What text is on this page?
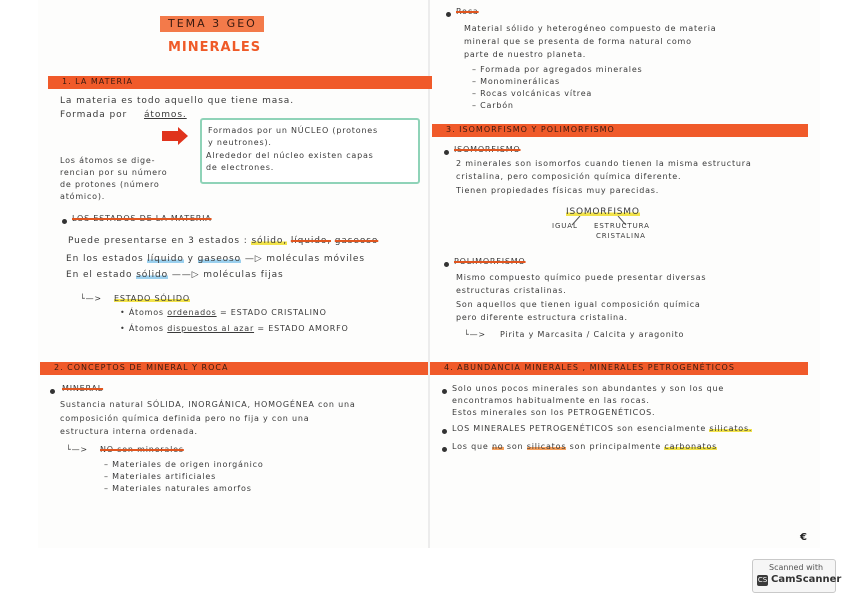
TEMA 3 GEO
MINERALES
1. LA MATERIA
La materia es todo aquello que tiene masa.
Formada por átomos.
Formados por un NÚCLEO (protones
y neutrones).
Alrededor del núcleo existen capas
de electrones.
Los átomos se dige-
rencian por su número
de protones (número
atómico).
LOS ESTADOS DE LA MATERIA
Puede presentarse en 3 estados : sólido, líquido, gaseoso
En los estados líquido y gaseoso —▷ moléculas móviles
En el estado sólido ——▷ moléculas fijas
└—> ESTADO SÓLIDO
• Átomos ordenados = ESTADO CRISTALINO
• Átomos dispuestos al azar = ESTADO AMORFO
2. CONCEPTOS DE MINERAL Y ROCA
MINERAL
Sustancia natural SÓLIDA, INORGÁNICA, HOMOGÉNEA con una
composición química definida pero no fija y con una
estructura interna ordenada.
└—> NO son minerales
– Materiales de origen inorgánico
– Materiales artificiales
– Materiales naturales amorfos
Roca
Material sólido y heterogéneo compuesto de materia
mineral que se presenta de forma natural como
parte de nuestro planeta.
– Formada por agregados minerales
– Monominerálicas
– Rocas volcánicas vítrea
– Carbón
3. ISOMORFISMO Y POLIMORFISMO
ISOMORFISMO
2 minerales son isomorfos cuando tienen la misma estructura
cristalina, pero composición química diferente.
Tienen propiedades físicas muy parecidas.
ISOMORFISMO
IGUAL ESTRUCTURA
CRISTALINA
POLIMORFISMO
Mismo compuesto químico puede presentar diversas
estructuras cristalinas.
Son aquellos que tienen igual composición química
pero diferente estructura cristalina.
└—> Pirita y Marcasita / Calcita y aragonito
4. ABUNDANCIA MINERALES , MINERALES PETROGENÉTICOS
Solo unos pocos minerales son abundantes y son los que
encontramos habitualmente en las rocas.
Estos minerales son los PETROGENÉTICOS.
LOS MINERALES PETROGENÉTICOS son esencialmente silicatos.
Los que no son silicatos son principalmente carbonatos
€
Scanned with
CS CamScanner
